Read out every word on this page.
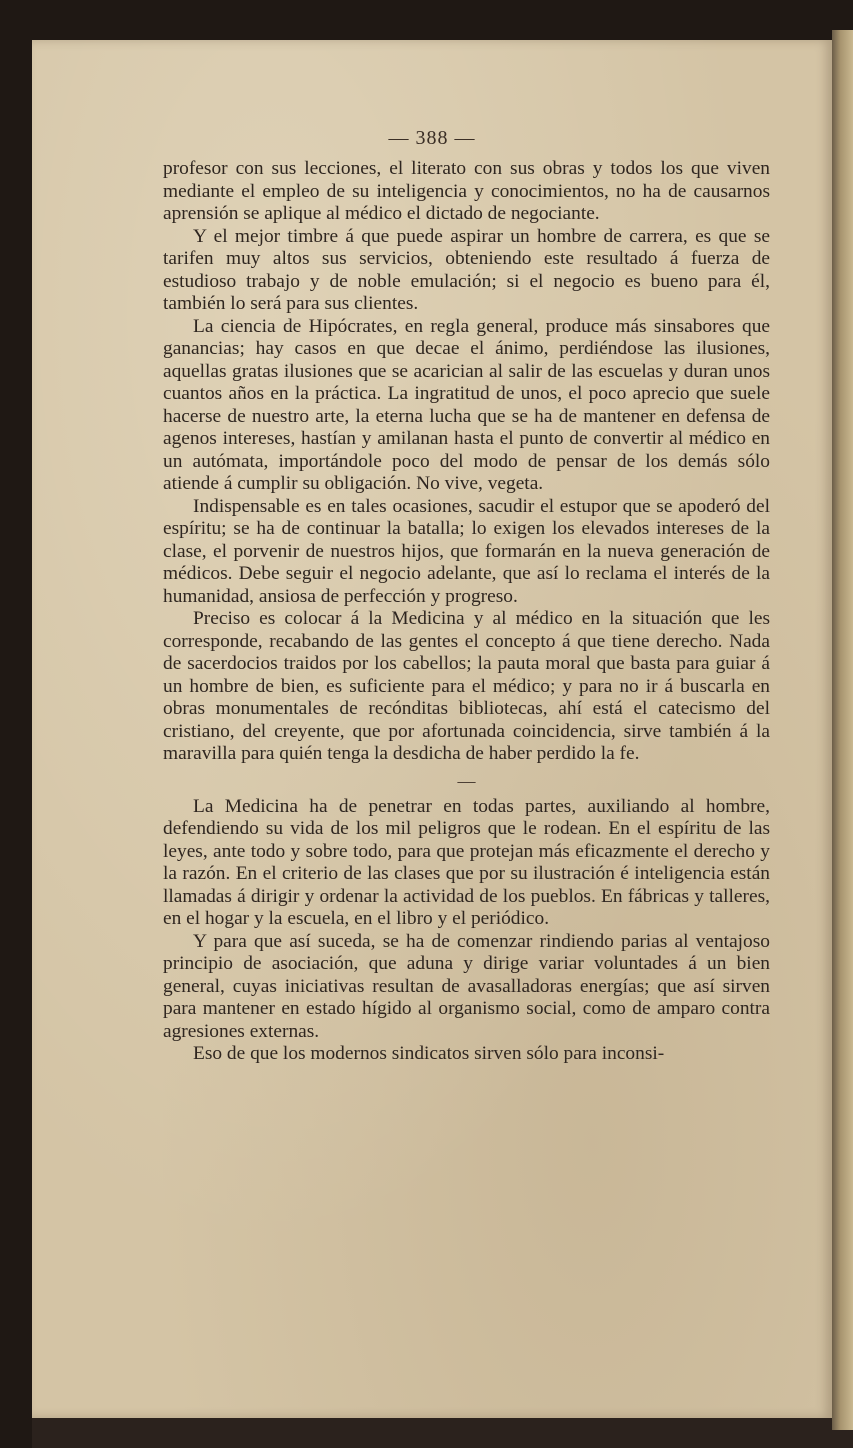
— 388 —

profesor con sus lecciones, el literato con sus obras y todos los que viven mediante el empleo de su inteligencia y conocimientos, no ha de causarnos aprensión se aplique al médico el dictado de negociante.

Y el mejor timbre á que puede aspirar un hombre de carrera, es que se tarifen muy altos sus servicios, obteniendo este resultado á fuerza de estudioso trabajo y de noble emulación; si el negocio es bueno para él, también lo será para sus clientes.

La ciencia de Hipócrates, en regla general, produce más sinsabores que ganancias; hay casos en que decae el ánimo, perdiéndose las ilusiones, aquellas gratas ilusiones que se acarician al salir de las escuelas y duran unos cuantos años en la práctica. La ingratitud de unos, el poco aprecio que suele hacerse de nuestro arte, la eterna lucha que se ha de mantener en defensa de agenos intereses, hastían y amilanan hasta el punto de convertir al médico en un autómata, importándole poco del modo de pensar de los demás sólo atiende á cumplir su obligación. No vive, vegeta.

Indispensable es en tales ocasiones, sacudir el estupor que se apoderó del espíritu; se ha de continuar la batalla; lo exigen los elevados intereses de la clase, el porvenir de nuestros hijos, que formarán en la nueva generación de médicos. Debe seguir el negocio adelante, que así lo reclama el interés de la humanidad, ansiosa de perfección y progreso.

Preciso es colocar á la Medicina y al médico en la situación que les corresponde, recabando de las gentes el concepto á que tiene derecho. Nada de sacerdocios traidos por los cabellos; la pauta moral que basta para guiar á un hombre de bien, es suficiente para el médico; y para no ir á buscarla en obras monumentales de recónditas bibliotecas, ahí está el catecismo del cristiano, del creyente, que por afortunada coincidencia, sirve también á la maravilla para quién tenga la desdicha de haber perdido la fe.

—

La Medicina ha de penetrar en todas partes, auxiliando al hombre, defendiendo su vida de los mil peligros que le rodean. En el espíritu de las leyes, ante todo y sobre todo, para que protejan más eficazmente el derecho y la razón. En el criterio de las clases que por su ilustración é inteligencia están llamadas á dirigir y ordenar la actividad de los pueblos. En fábricas y talleres, en el hogar y la escuela, en el libro y el periódico.

Y para que así suceda, se ha de comenzar rindiendo parias al ventajoso principio de asociación, que aduna y dirige variar voluntades á un bien general, cuyas iniciativas resultan de avasalladoras energías; que así sirven para mantener en estado hígido al organismo social, como de amparo contra agresiones externas.

Eso de que los modernos sindicatos sirven sólo para inconsi-
